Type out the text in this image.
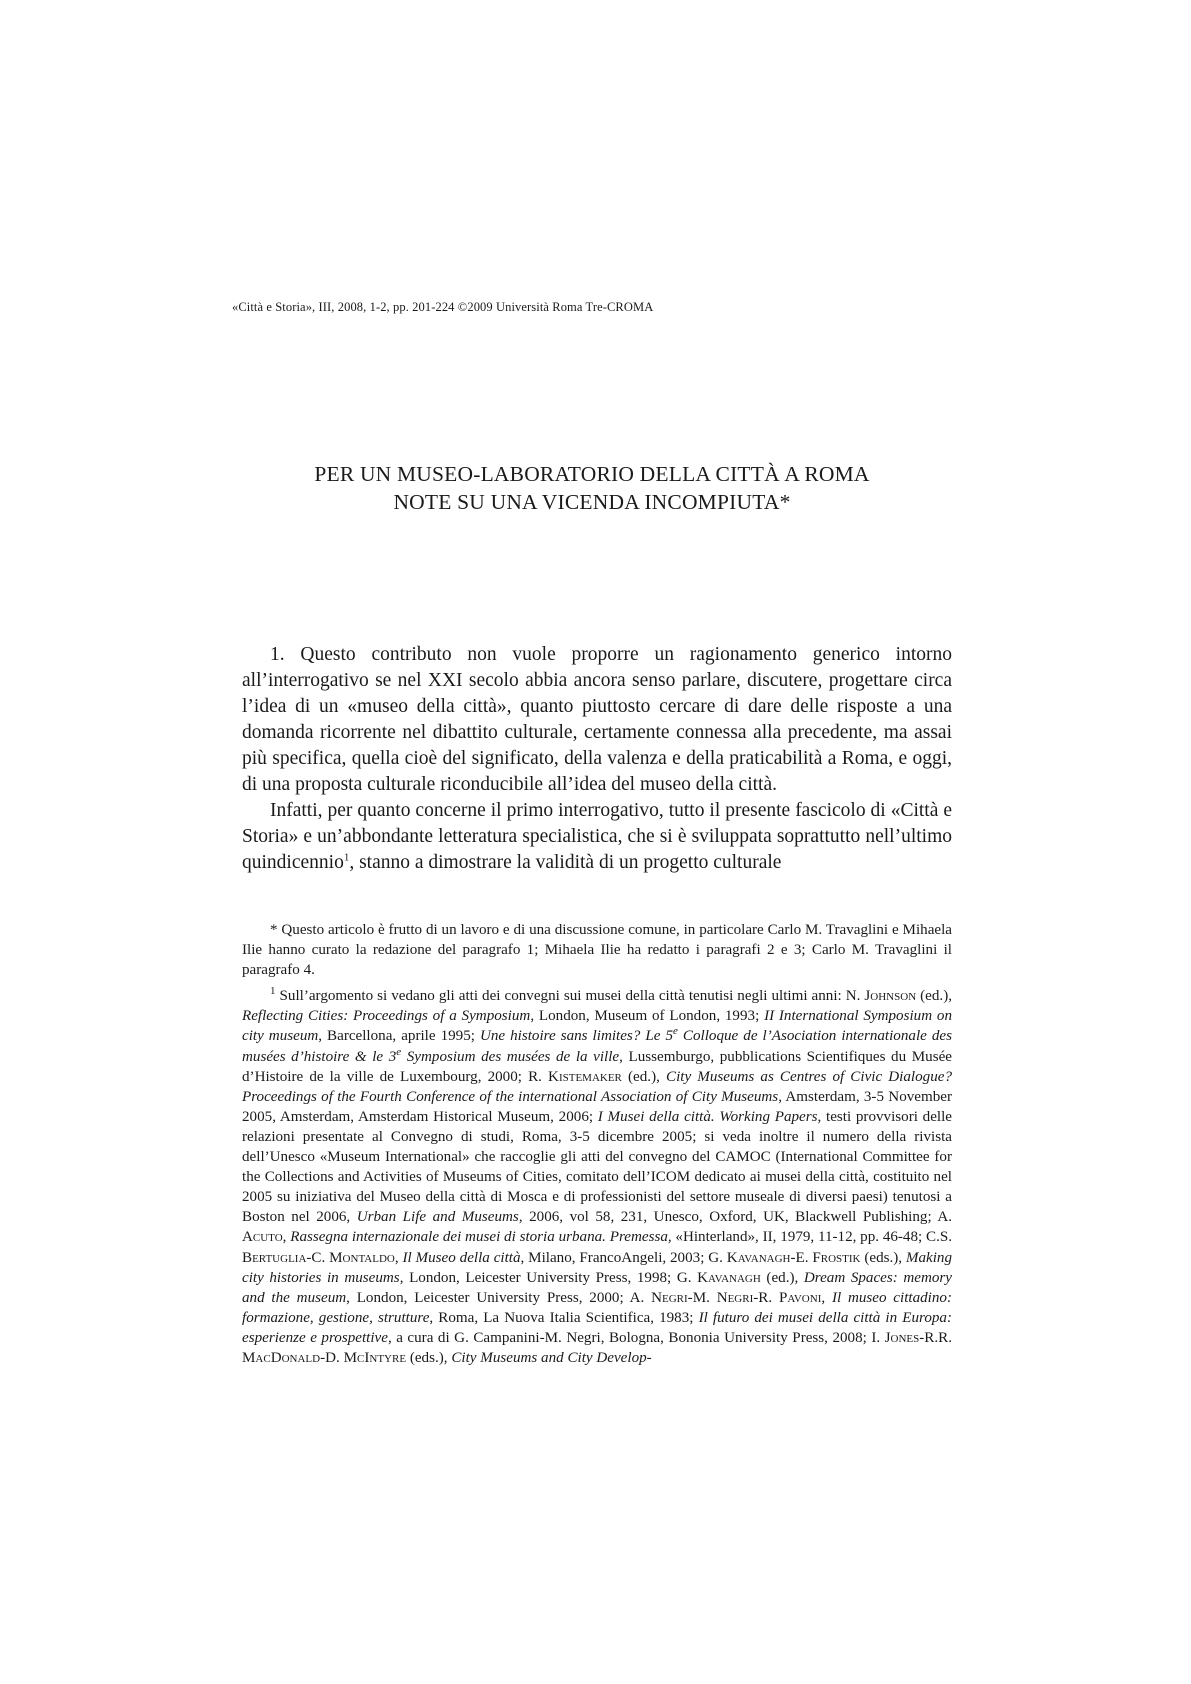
«Città e Storia», III, 2008, 1-2, pp. 201-224 ©2009 Università Roma Tre-CROMA
PER UN MUSEO-LABORATORIO DELLA CITTÀ A ROMA
NOTE SU UNA VICENDA INCOMPIUTA*

1. Questo contributo non vuole proporre un ragionamento generico intorno all’interrogativo se nel XXI secolo abbia ancora senso parlare, discutere, progettare circa l’idea di un «museo della città», quanto piuttosto cercare di dare delle risposte a una domanda ricorrente nel dibattito culturale, certamente connessa alla precedente, ma assai più specifica, quella cioè del significato, della valenza e della praticabilità a Roma, e oggi, di una proposta culturale riconducibile all’idea del museo della città.

Infatti, per quanto concerne il primo interrogativo, tutto il presente fascicolo di «Città e Storia» e un’abbondante letteratura specialistica, che si è sviluppata soprattutto nell’ultimo quindicennio$^1$, stanno a dimostrare la validità di un progetto culturale

* Questo articolo è frutto di un lavoro e di una discussione comune, in particolare Carlo M. Travaglini e Mihaela Ilie hanno curato la redazione del paragrafo 1; Mihaela Ilie ha redatto i paragrafi 2 e 3; Carlo M. Travaglini il paragrafo 4.

$^1$ Sull’argomento si vedano gli atti dei convegni sui musei della città tenutisi negli ultimi anni: N. Johnson (ed.), Reflecting Cities: Proceedings of a Symposium, London, Museum of London, 1993; II International Symposium on city museum, Barcellona, aprile 1995; Une histoire sans limites? Le 5e Colloque de l’Asociation internationale des musées d’histoire & le 3e Symposium des musées de la ville, Lussemburgo, pubblications Scientifiques du Musée d’Histoire de la ville de Luxembourg, 2000; R. Kistemaker (ed.), City Museums as Centres of Civic Dialogue? Proceedings of the Fourth Conference of the international Association of City Museums, Amsterdam, 3-5 November 2005, Amsterdam, Amsterdam Historical Museum, 2006; I Musei della città. Working Papers, testi provvisori delle relazioni presentate al Convegno di studi, Roma, 3-5 dicembre 2005; si veda inoltre il numero della rivista dell’Unesco «Museum International» che raccoglie gli atti del convegno del CAMOC (International Committee for the Collections and Activities of Museums of Cities, comitato dell’ICOM dedicato ai musei della città, costituito nel 2005 su iniziativa del Museo della città di Mosca e di professionisti del settore museale di diversi paesi) tenutosi a Boston nel 2006, Urban Life and Museums, 2006, vol 58, 231, Unesco, Oxford, UK, Blackwell Publishing; A. Acuto, Rassegna internazionale dei musei di storia urbana. Premessa, «Hinterland», II, 1979, 11-12, pp. 46-48; C.S. Bertuglia-C. Montaldo, Il Museo della città, Milano, FrancoAngeli, 2003; G. Kavanagh-E. Frostik (eds.), Making city histories in museums, London, Leicester University Press, 1998; G. Kavanagh (ed.), Dream Spaces: memory and the museum, London, Leicester University Press, 2000; A. Negri-M. Negri-R. Pavoni, Il museo cittadino: formazione, gestione, strutture, Roma, La Nuova Italia Scientifica, 1983; Il futuro dei musei della città in Europa: esperienze e prospettive, a cura di G. Campanini-M. Negri, Bologna, Bononia University Press, 2008; I. Jones-R.R. MacDonald-D. McIntyre (eds.), City Museums and City Develop-
